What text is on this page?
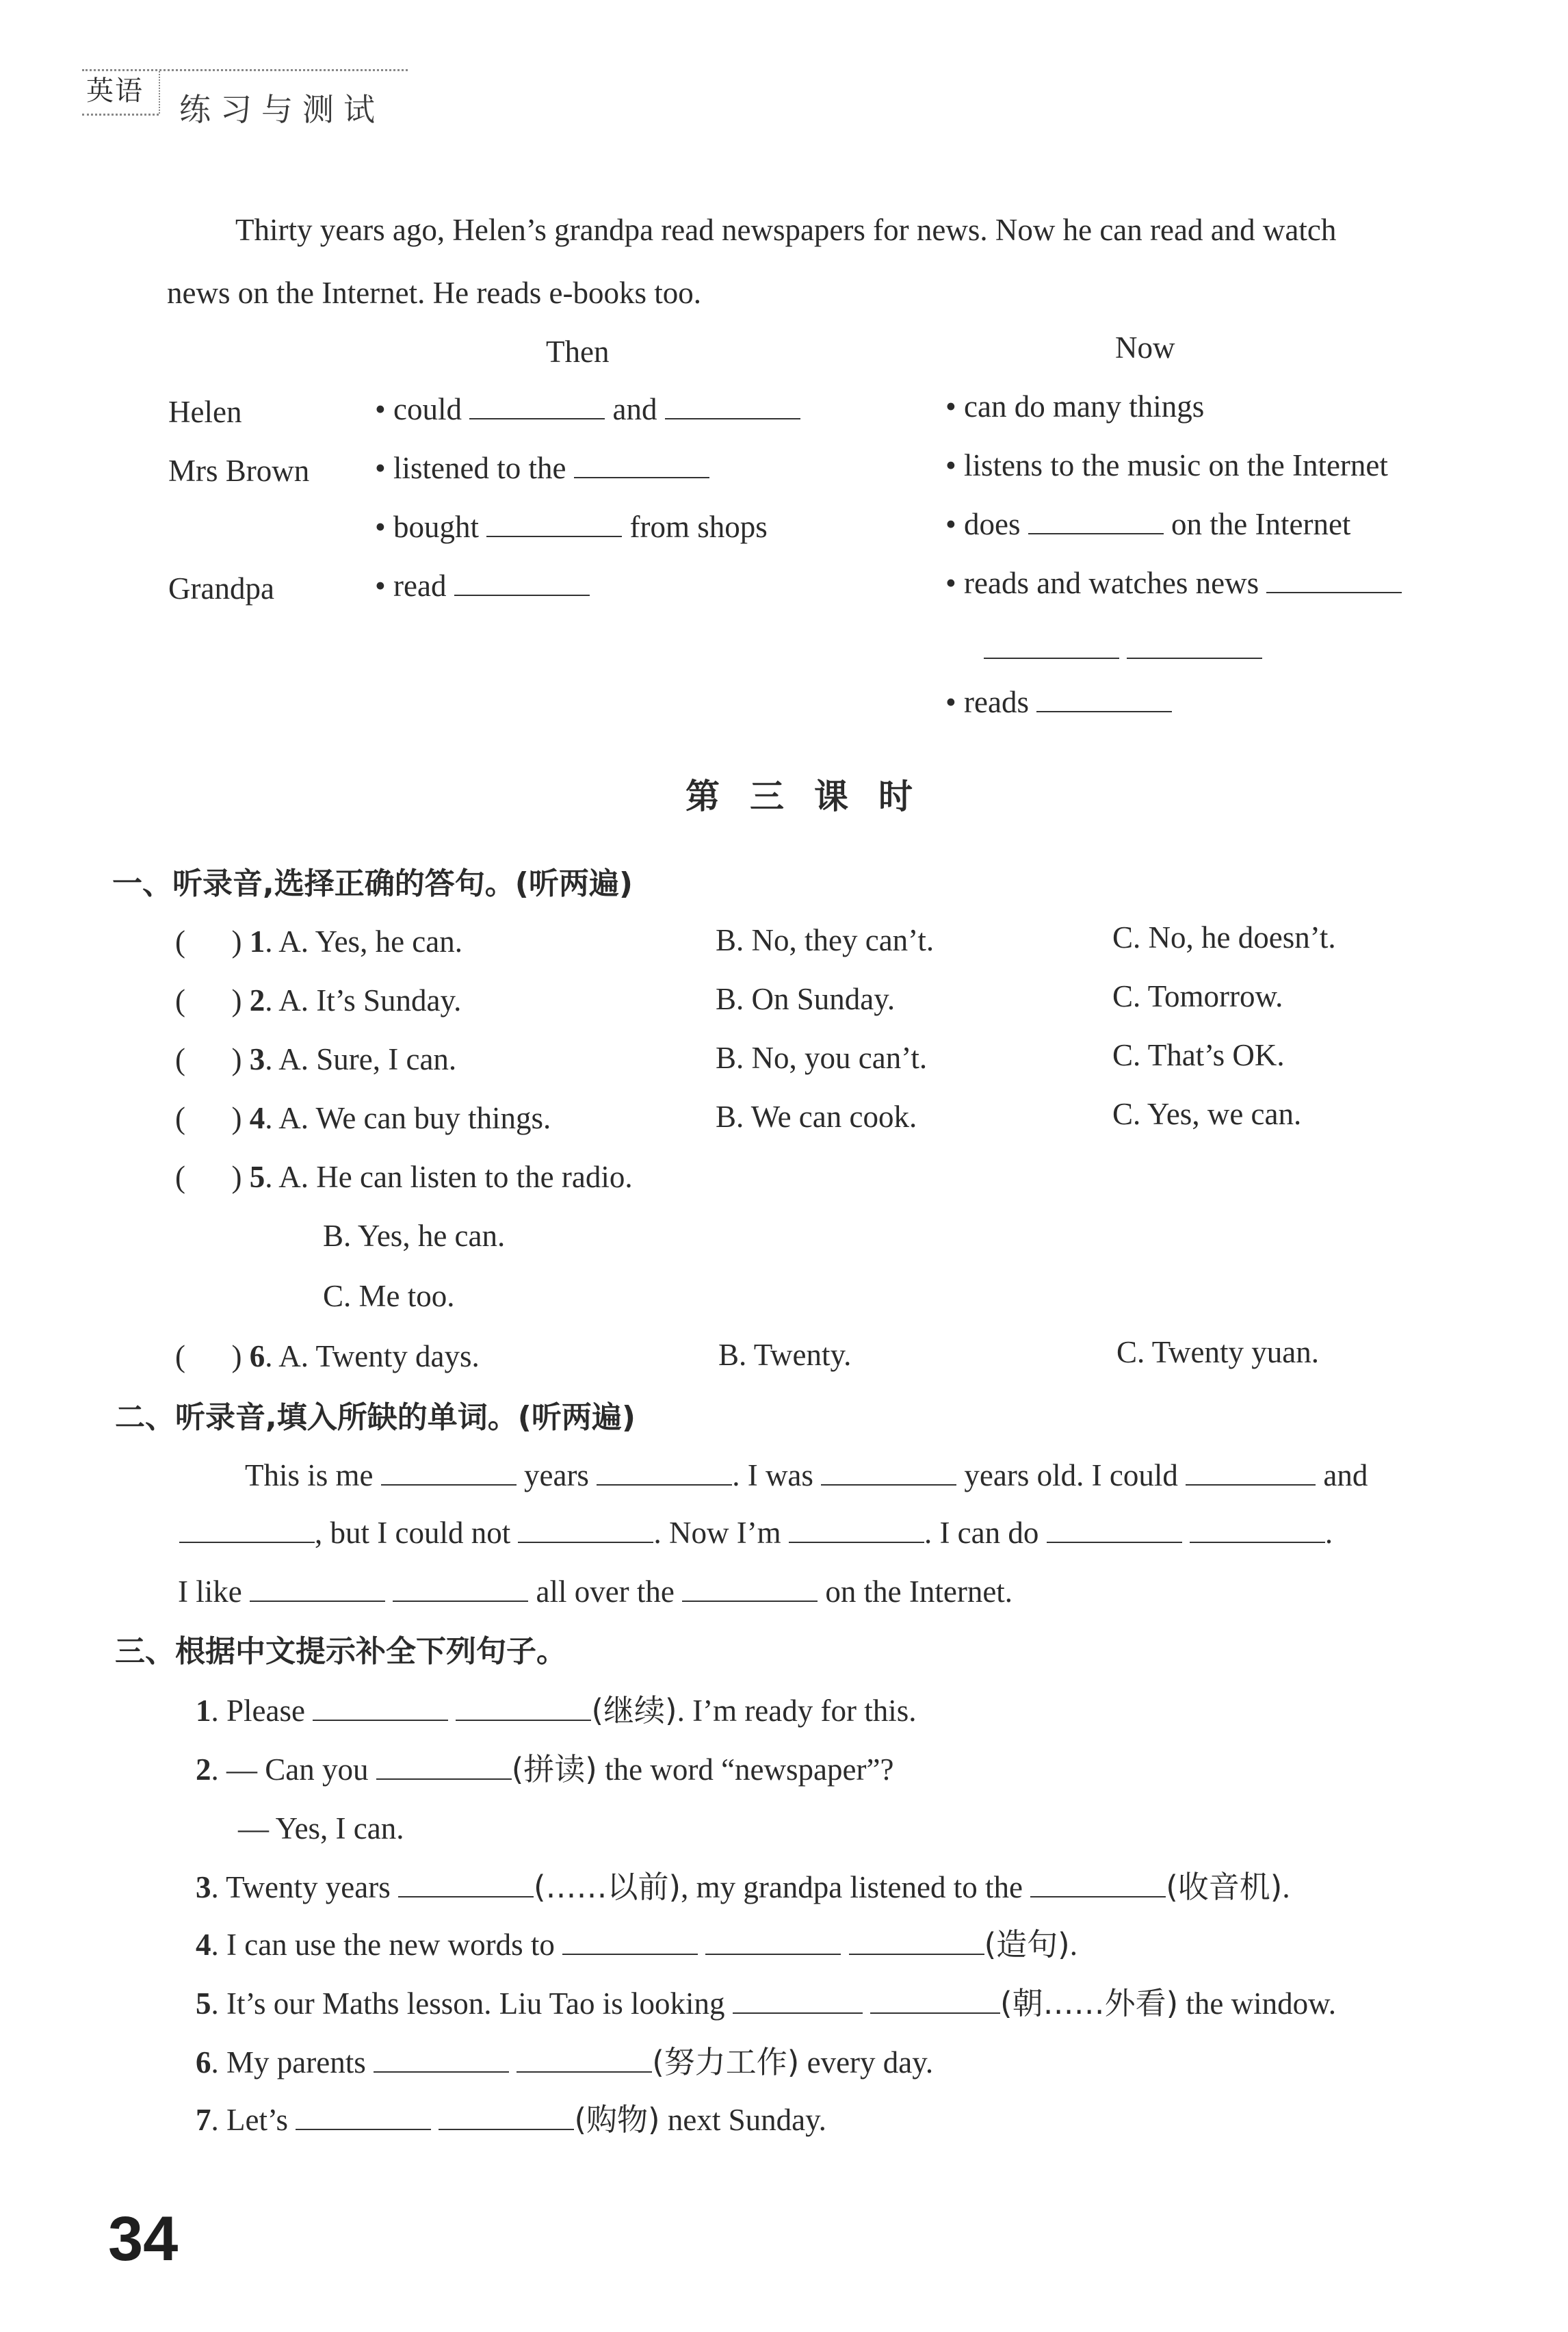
英语 练习与测试
Thirty years ago, Helen’s grandpa read newspapers for news. Now he can read and watch
news on the Internet. He reads e-books too.
Then	Now
Helen	• could	and	• can do many things
Mrs Brown • listened to the	• listens to the music on the Internet
• bought	from shops	• does	on the Internet
Grandpa	• read	• reads and watches news

• reads
第三课时
一、听录音,选择正确的答句。(听两遍)
(      ) 1. A. Yes, he can.	B. No, they can’t.	C. No, he doesn’t.
(      ) 2. A. It’s Sunday.	B. On Sunday.	C. Tomorrow.
(      ) 3. A. Sure, I can.	B. No, you can’t.	C. That’s OK.
(      ) 4. A. We can buy things.	B. We can cook.	C. Yes, we can.
(      ) 5. A. He can listen to the radio.
B. Yes, he can.
C. Me too.
(      ) 6. A. Twenty days.	B. Twenty.	C. Twenty yuan.
二、听录音,填入所缺的单词。(听两遍)
This is me	years	. I was	years old. I could	and
, but I could not	. Now I’m	. I can do	.
I like	all over the	on the Internet.
三、根据中文提示补全下列句子。
1. Please	(继续). I’m ready for this.
2. — Can you	(拼读) the word “newspaper”?
— Yes, I can.
3. Twenty years	(……以前), my grandpa listened to the	(收音机).
4. I can use the new words to	(造句).
5. It’s our Maths lesson. Liu Tao is looking	(朝……外看) the window.
6. My parents	(努力工作) every day.
7. Let’s	(购物) next Sunday.
34
